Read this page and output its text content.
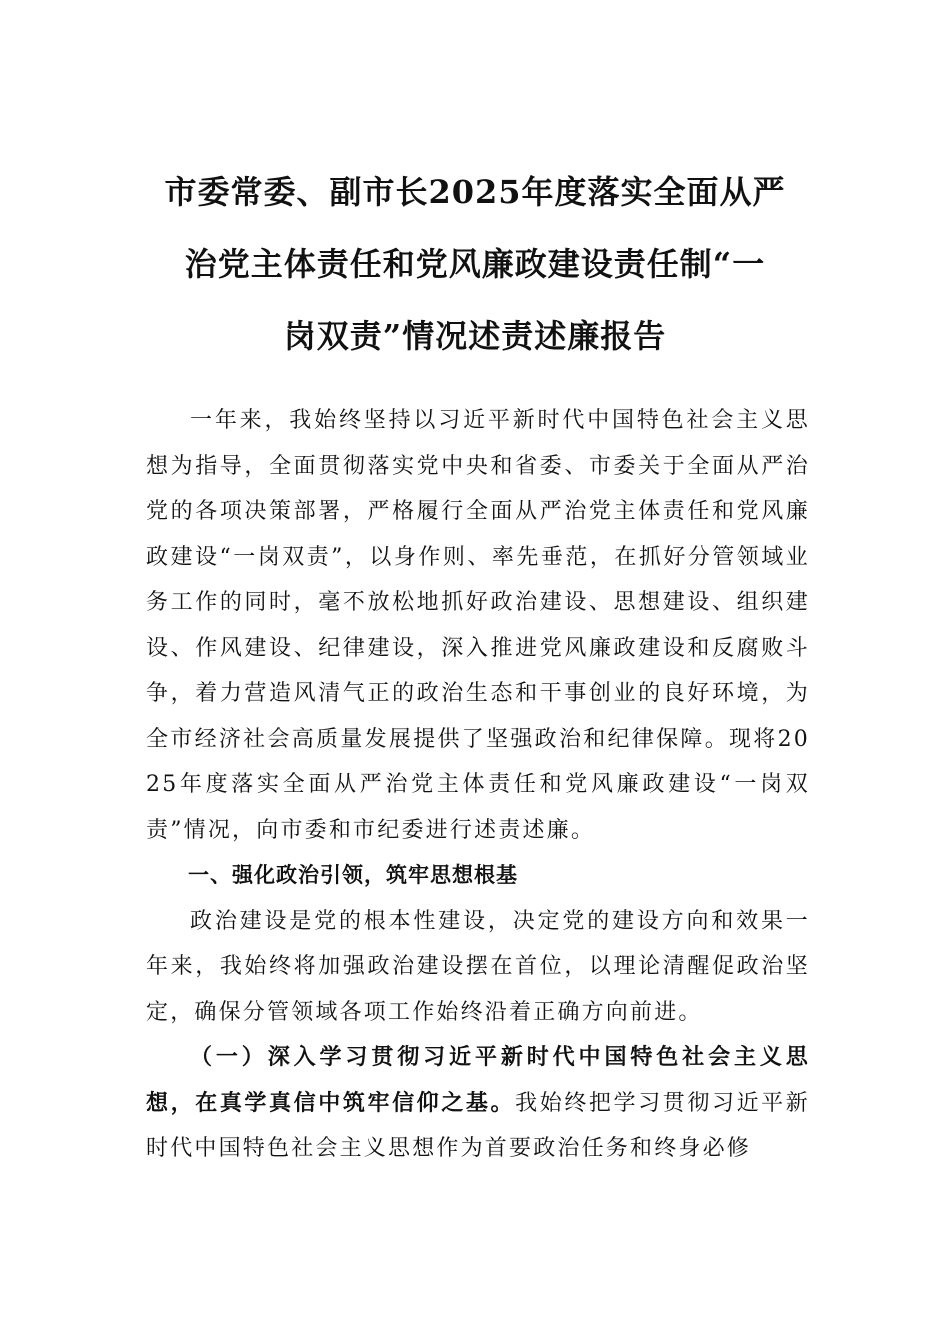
市委常委、副市长2025年度落实全面从严
治党主体责任和党风廉政建设责任制“一
岗双责”情况述责述廉报告

一年来，我始终坚持以习近平新时代中国特色社会主义思想为指导，全面贯彻落实党中央和省委、市委关于全面从严治党的各项决策部署，严格履行全面从严治党主体责任和党风廉政建设“一岗双责”，以身作则、率先垂范，在抓好分管领域业务工作的同时，毫不放松地抓好政治建设、思想建设、组织建设、作风建设、纪律建设，深入推进党风廉政建设和反腐败斗争，着力营造风清气正的政治生态和干事创业的良好环境，为全市经济社会高质量发展提供了坚强政治和纪律保障。现将2025年度落实全面从严治党主体责任和党风廉政建设“一岗双责”情况，向市委和市纪委进行述责述廉。

一、强化政治引领，筑牢思想根基

政治建设是党的根本性建设，决定党的建设方向和效果一年来，我始终将加强政治建设摆在首位，以理论清醒促政治坚定，确保分管领域各项工作始终沿着正确方向前进。

（一）深入学习贯彻习近平新时代中国特色社会主义思想，在真学真信中筑牢信仰之基。我始终把学习贯彻习近平新时代中国特色社会主义思想作为首要政治任务和终身必修
